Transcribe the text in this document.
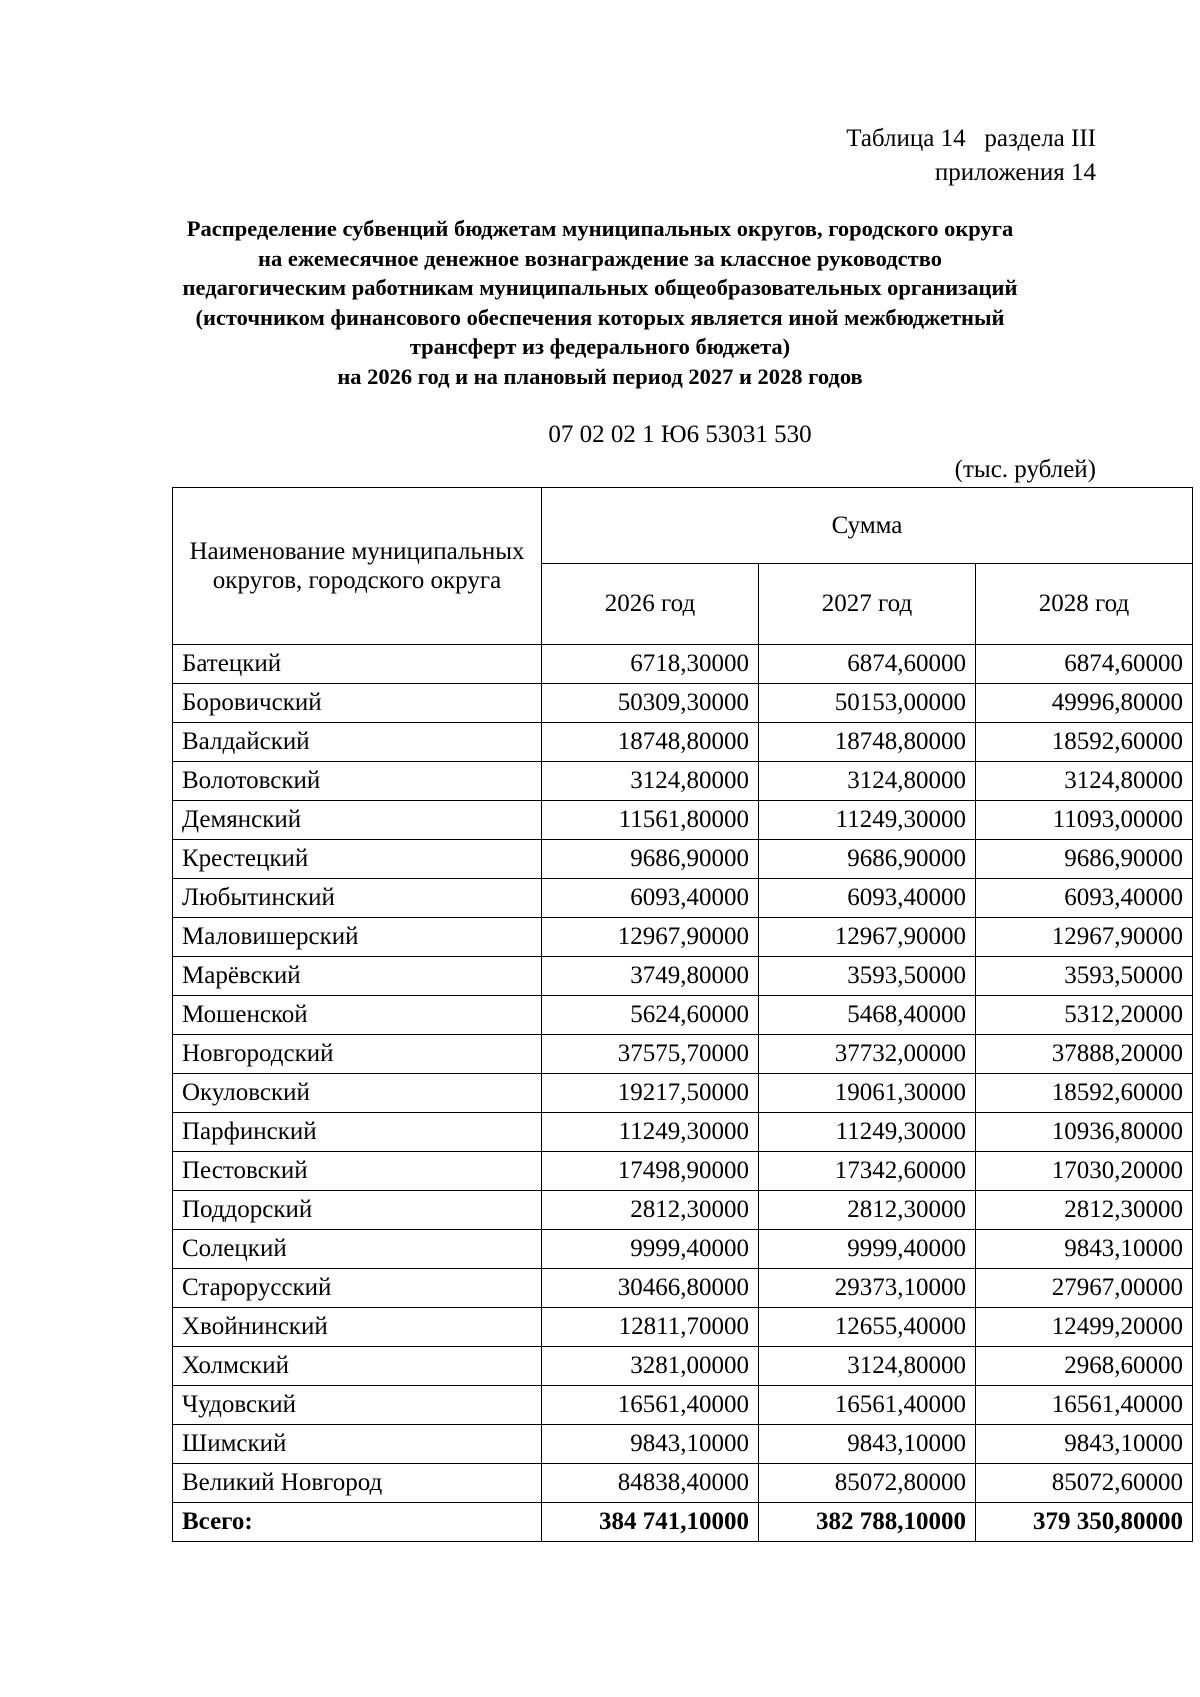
Таблица 14   раздела III
приложения 14
Распределение субвенций бюджетам муниципальных округов, городского округа
на ежемесячное денежное вознаграждение за классное руководство
педагогическим работникам муниципальных общеобразовательных организаций
(источником финансового обеспечения которых является иной межбюджетный
трансферт из федерального бюджета)
на 2026 год и на плановый период 2027 и 2028 годов
07 02 02 1 Ю6 53031 530
(тыс. рублей)
Наименование муниципальных округов, городского округа	Сумма		
	2026 год	2027 год	2028 год
Батецкий	6718,30000	6874,60000	6874,60000
Боровичский	50309,30000	50153,00000	49996,80000
Валдайский	18748,80000	18748,80000	18592,60000
Волотовский	3124,80000	3124,80000	3124,80000
Демянский	11561,80000	11249,30000	11093,00000
Крестецкий	9686,90000	9686,90000	9686,90000
Любытинский	6093,40000	6093,40000	6093,40000
Маловишерский	12967,90000	12967,90000	12967,90000
Марёвский	3749,80000	3593,50000	3593,50000
Мошенской	5624,60000	5468,40000	5312,20000
Новгородский	37575,70000	37732,00000	37888,20000
Окуловский	19217,50000	19061,30000	18592,60000
Парфинский	11249,30000	11249,30000	10936,80000
Пестовский	17498,90000	17342,60000	17030,20000
Поддорский	2812,30000	2812,30000	2812,30000
Солецкий	9999,40000	9999,40000	9843,10000
Старорусский	30466,80000	29373,10000	27967,00000
Хвойнинский	12811,70000	12655,40000	12499,20000
Холмский	3281,00000	3124,80000	2968,60000
Чудовский	16561,40000	16561,40000	16561,40000
Шимский	9843,10000	9843,10000	9843,10000
Великий Новгород	84838,40000	85072,80000	85072,60000
Всего:	384 741,10000	382 788,10000	379 350,80000
